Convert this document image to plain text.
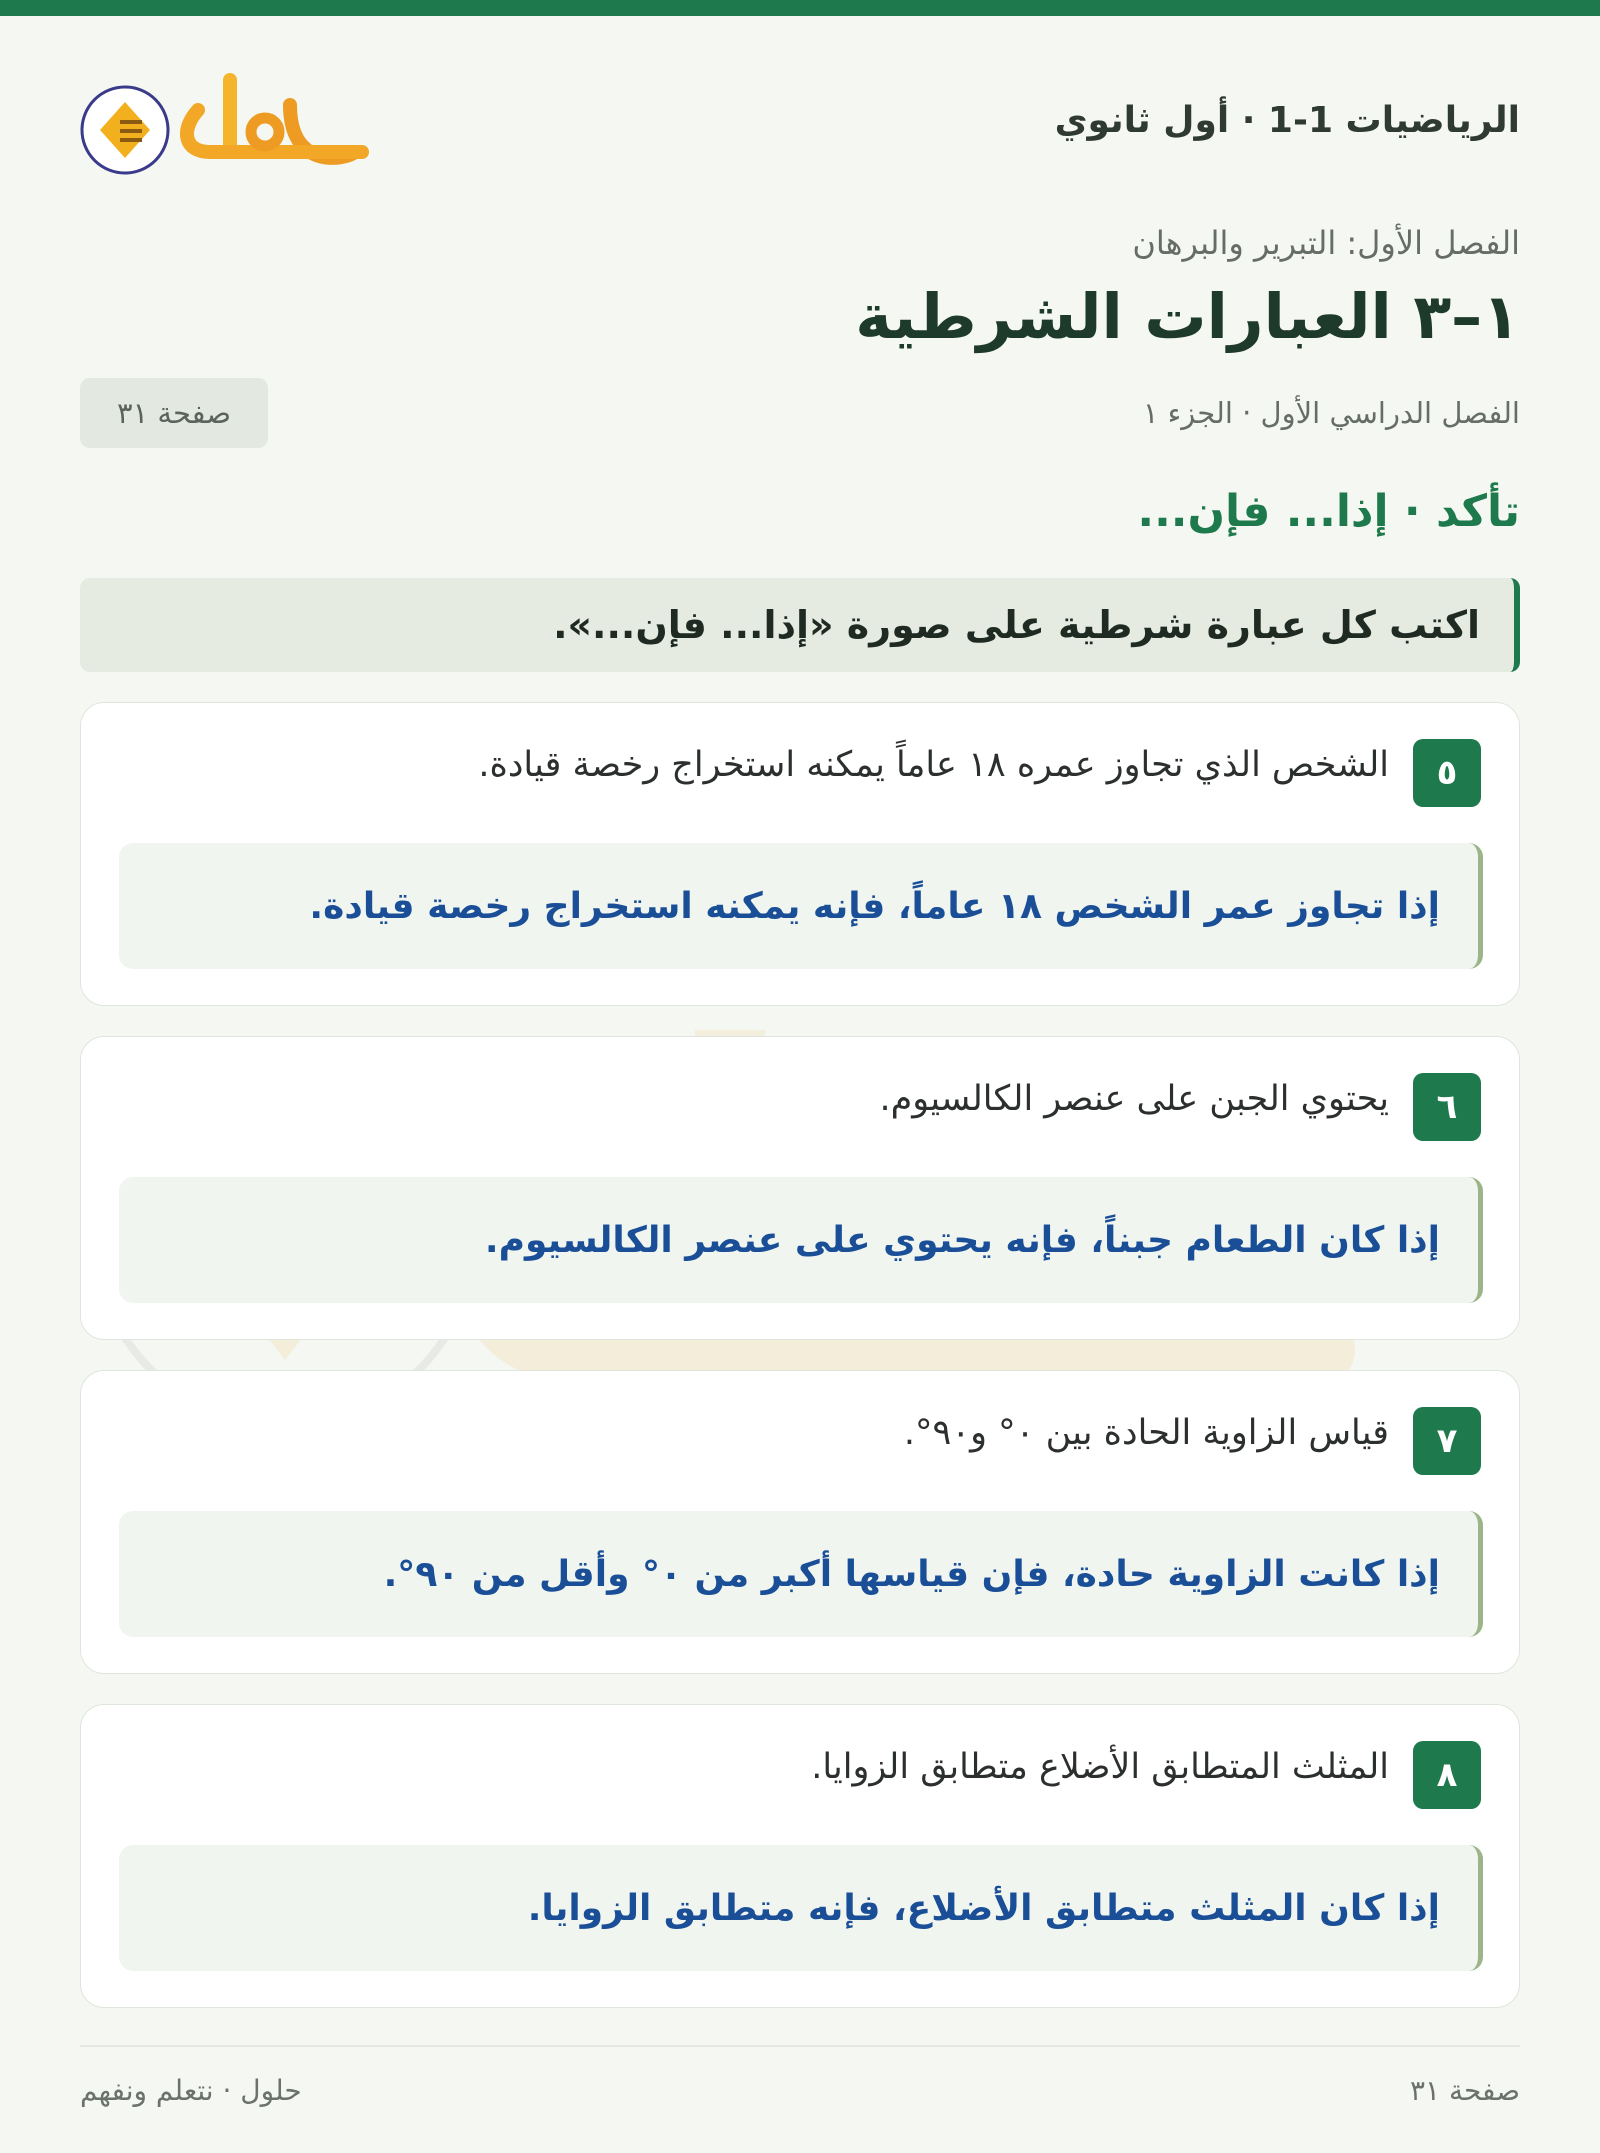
الرياضيات 1-1 · أول ثانوي
الفصل الأول: التبرير والبرهان
١–٣ العبارات الشرطية
الفصل الدراسي الأول · الجزء ١
صفحة ٣١
تأكد · إذا... فإن...
اكتب كل عبارة شرطية على صورة «إذا... فإن...».
٥
الشخص الذي تجاوز عمره ١٨ عاماً يمكنه استخراج رخصة قيادة.
إذا تجاوز عمر الشخص ١٨ عاماً، فإنه يمكنه استخراج رخصة قيادة.
٦
يحتوي الجبن على عنصر الكالسيوم.
إذا كان الطعام جبناً، فإنه يحتوي على عنصر الكالسيوم.
٧
قياس الزاوية الحادة بين ٠° و٩٠°.
إذا كانت الزاوية حادة، فإن قياسها أكبر من ٠° وأقل من ٩٠°.
٨
المثلث المتطابق الأضلاع متطابق الزوايا.
إذا كان المثلث متطابق الأضلاع، فإنه متطابق الزوايا.
صفحة ٣١
حلول · نتعلم ونفهم
